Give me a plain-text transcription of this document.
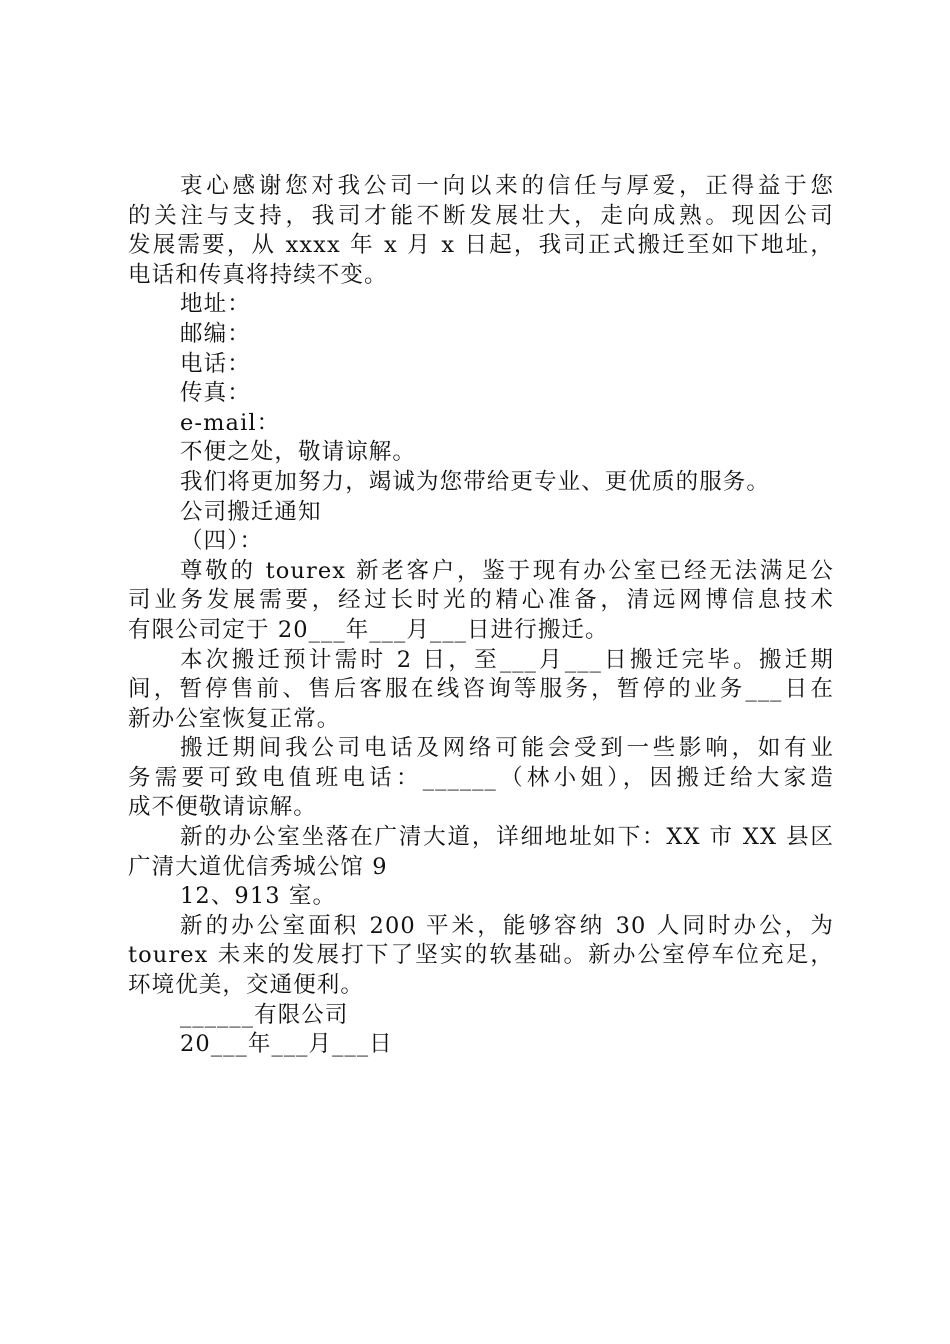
衷心感谢您对我公司一向以来的信任与厚爱，正得益于您
的关注与支持，我司才能不断发展壮大，走向成熟。现因公司
发展需要，从 xxxx 年 x 月 x 日起，我司正式搬迁至如下地址，
电话和传真将持续不变。
地址：
邮编：
电话：
传真：
e-mail：
不便之处，敬请谅解。
我们将更加努力，竭诚为您带给更专业、更优质的服务。
公司搬迁通知
（四）：
尊敬的 tourex 新老客户，鉴于现有办公室已经无法满足公
司业务发展需要，经过长时光的精心准备，清远网博信息技术
有限公司定于 20___年___月___日进行搬迁。
本次搬迁预计需时 2 日，至___月___日搬迁完毕。搬迁期
间，暂停售前、售后客服在线咨询等服务，暂停的业务___日在
新办公室恢复正常。
搬迁期间我公司电话及网络可能会受到一些影响，如有业
务需要可致电值班电话：______（林小姐），因搬迁给大家造
成不便敬请谅解。
新的办公室坐落在广清大道，详细地址如下：XX 市 XX 县区
广清大道优信秀城公馆 9
12、913 室。
新的办公室面积 200 平米，能够容纳 30 人同时办公，为
tourex 未来的发展打下了坚实的软基础。新办公室停车位充足，
环境优美，交通便利。
______有限公司
20___年___月___日
